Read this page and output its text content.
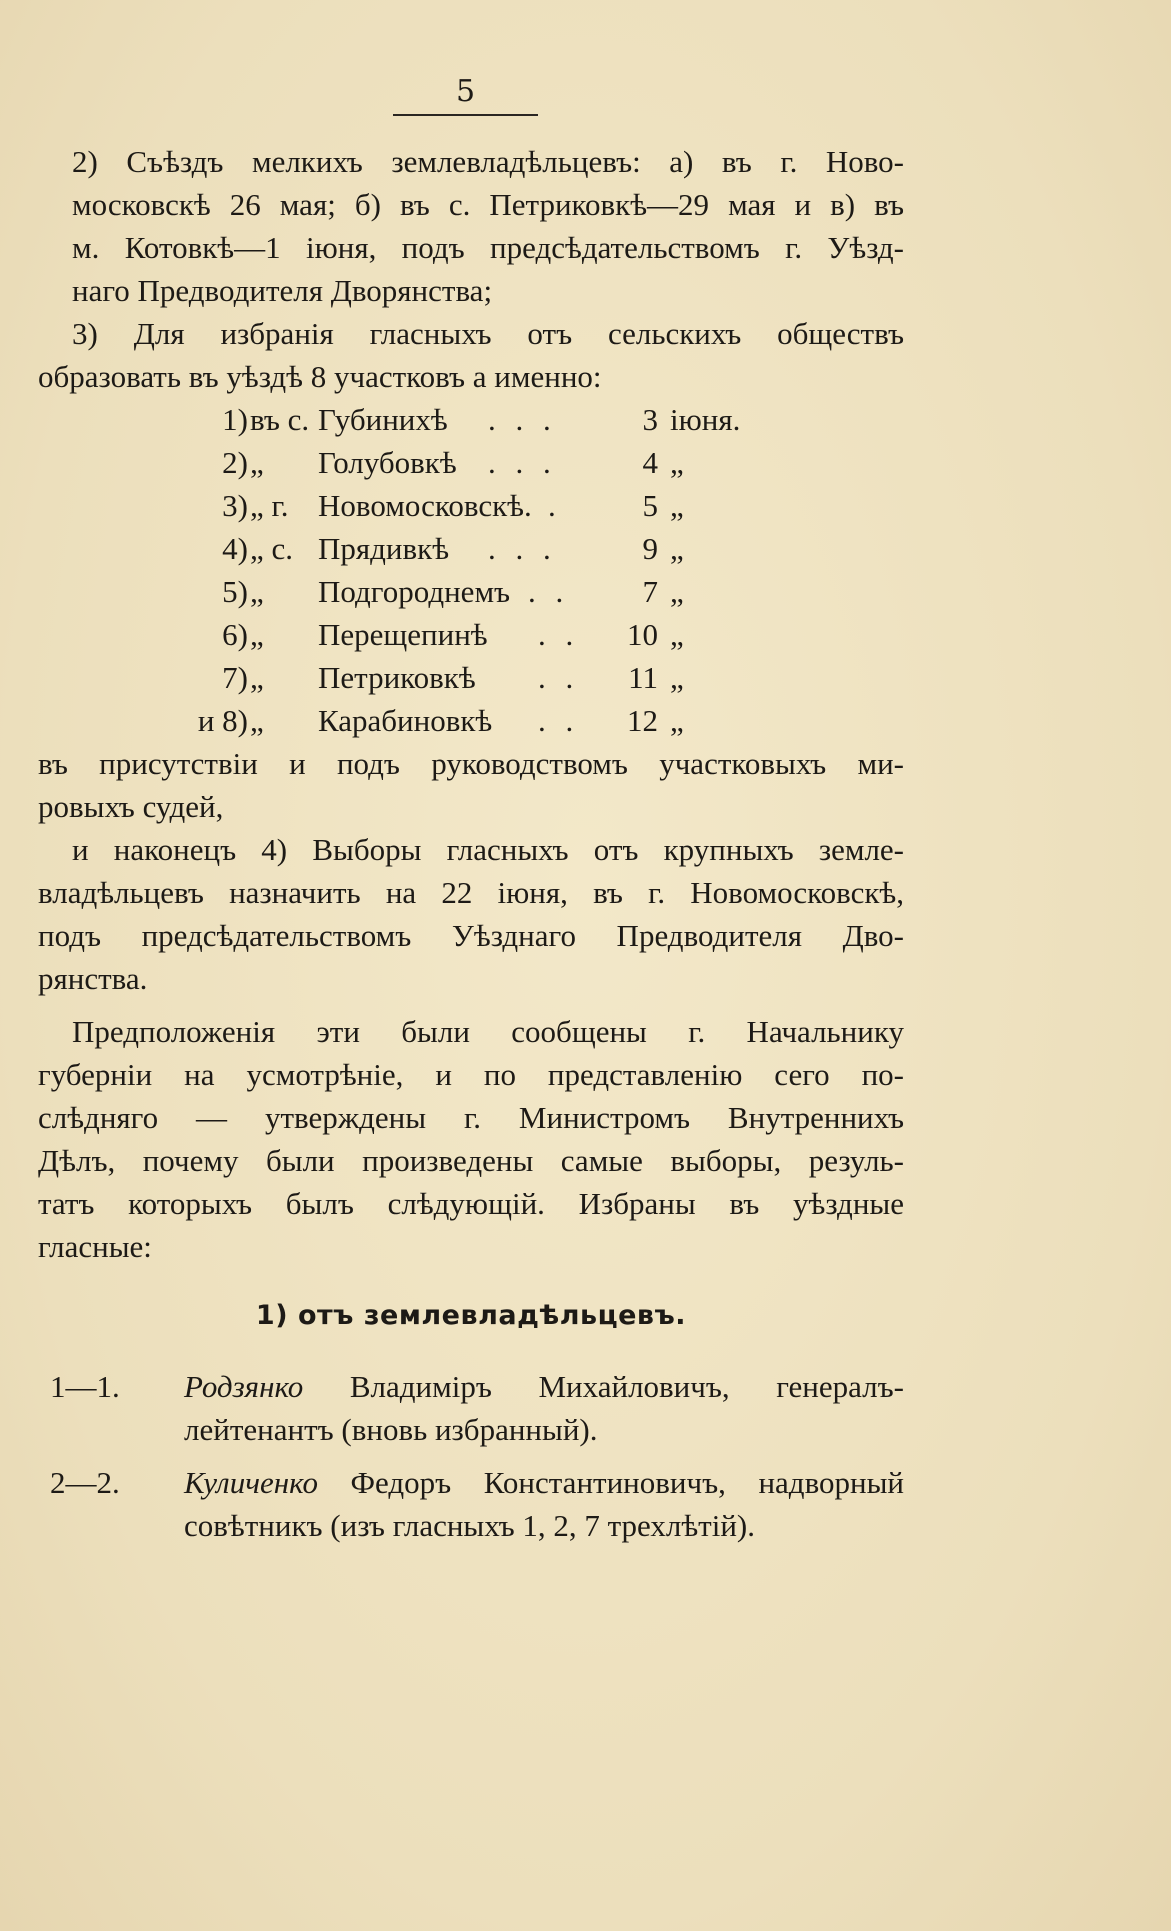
5
2) Съѣздъ мелкихъ землевладѣльцевъ: а) въ г. Ново-
московскѣ 26 мая; б) въ с. Петриковкѣ—29 мая и в) въ
м. Котовкѣ—1 іюня, подъ предсѣдательствомъ г. Уѣзд-
наго Предводителя Дворянства;
3) Для избранія гласныхъ отъ сельскихъ обществъ
образовать въ уѣздѣ 8 участковъ а именно:
1) въ с. Губинихѣ . . .	3 іюня.
2) „	Голубовкѣ . . .	4 „
3) „ г. Новомосковскѣ. .	5 „
4) „ с. Прядивкѣ . . .	9 „
5) „	Подгороднемъ . .	7 „
6) „	Перещепинѣ . .	10 „
7) „	Петриковкѣ . .	11 „
и 8) „	Карабиновкѣ . .	12 „
въ присутствіи и подъ руководствомъ участковыхъ ми-
ровыхъ судей,
и наконецъ 4) Выборы гласныхъ отъ крупныхъ земле-
владѣльцевъ назначить на 22 іюня, въ г. Новомосковскѣ,
подъ предсѣдательствомъ Уѣзднаго Предводителя Дво-
рянства.
Предположенія эти были сообщены г. Начальнику
губерніи на усмотрѣніе, и по представленію сего по-
слѣдняго — утверждены г. Министромъ Внутреннихъ
Дѣлъ, почему были произведены самые выборы, резуль-
татъ которыхъ былъ слѣдующій. Избраны въ уѣздные
гласные:
1) отъ землевладѣльцевъ.
1—1. Родзянко Владиміръ Михайловичъ, генералъ-лейтенантъ (вновь избранный).
2—2. Куличенко Федоръ Константиновичъ, надворный совѣтникъ (изъ гласныхъ 1, 2, 7 трехлѣтій).
